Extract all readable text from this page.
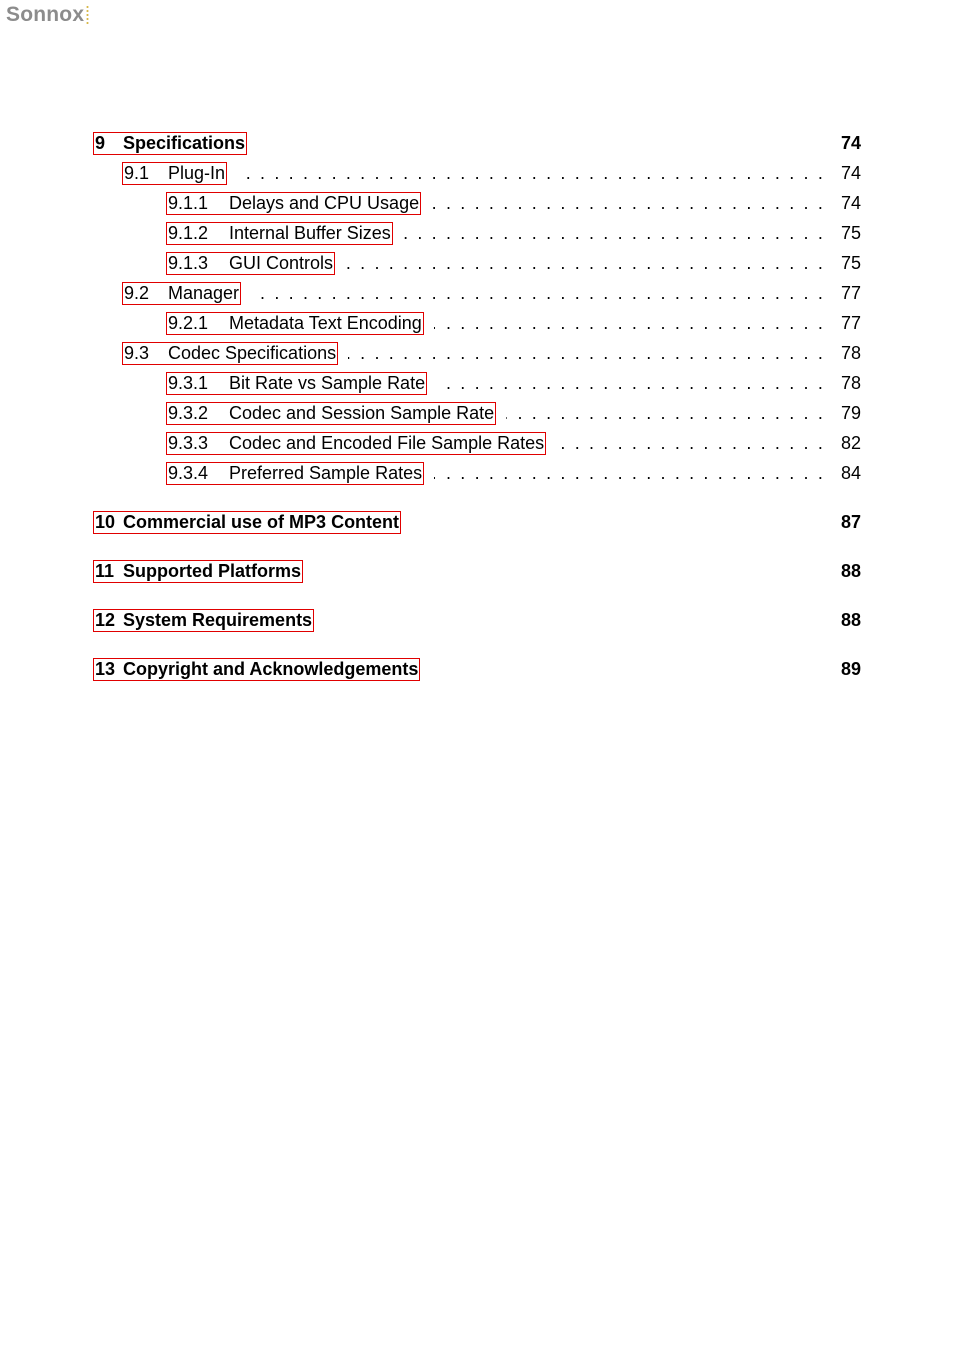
Sonnox
9 Specifications	74
9.1	Plug-In . . .	74
9.1.1	Delays and CPU Usage . . .	74
9.1.2	Internal Buffer Sizes . . .	75
9.1.3	GUI Controls . . .	75
9.2	Manager . . .	77
9.2.1	Metadata Text Encoding . . .	77
9.3	Codec Specifications . . .	78
9.3.1	Bit Rate vs Sample Rate . . .	78
9.3.2	Codec and Session Sample Rate . . .	79
9.3.3	Codec and Encoded File Sample Rates . . .	82
9.3.4	Preferred Sample Rates . . .	84
10 Commercial use of MP3 Content	87
11 Supported Platforms	88
12 System Requirements	88
13 Copyright and Acknowledgements	89
